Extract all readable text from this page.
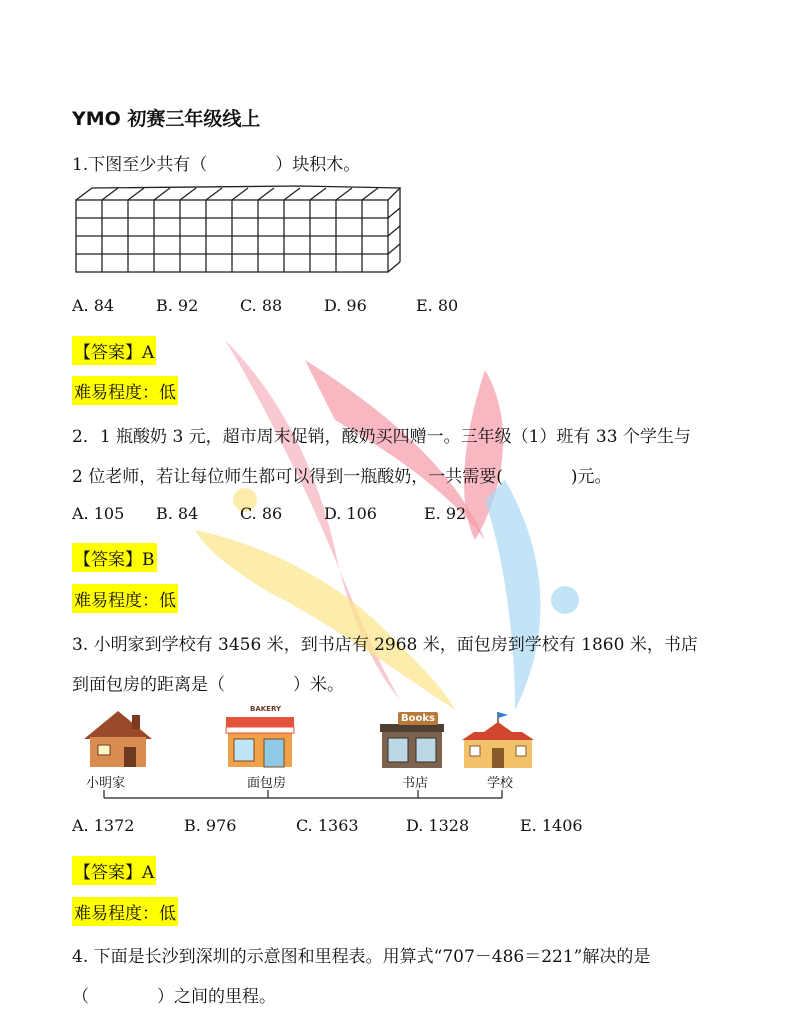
YMO 初赛三年级线上
1.下图至少共有（　　　　）块积木。
A. 84	B. 92	C. 88	D. 96	E. 80
【答案】A
难易程度：低
2．1 瓶酸奶 3 元，超市周末促销，酸奶买四赠一。三年级（1）班有 33 个学生与
2 位老师，若让每位师生都可以得到一瓶酸奶，一共需要(　　　　)元。
A. 105 B. 84	C. 86	D. 106	E. 92
【答案】B
难易程度：低
3. 小明家到学校有 3456 米，到书店有 2968 米，面包房到学校有 1860 米，书店
到面包房的距离是（　　　　）米。
小明家
BAKERY
面包房
Books
书店	学校
A. 1372	B. 976	C. 1363	D. 1328	E. 1406
【答案】A
难易程度：低
4. 下面是长沙到深圳的示意图和里程表。用算式“707－486＝221”解决的是
（　　　　）之间的里程。
